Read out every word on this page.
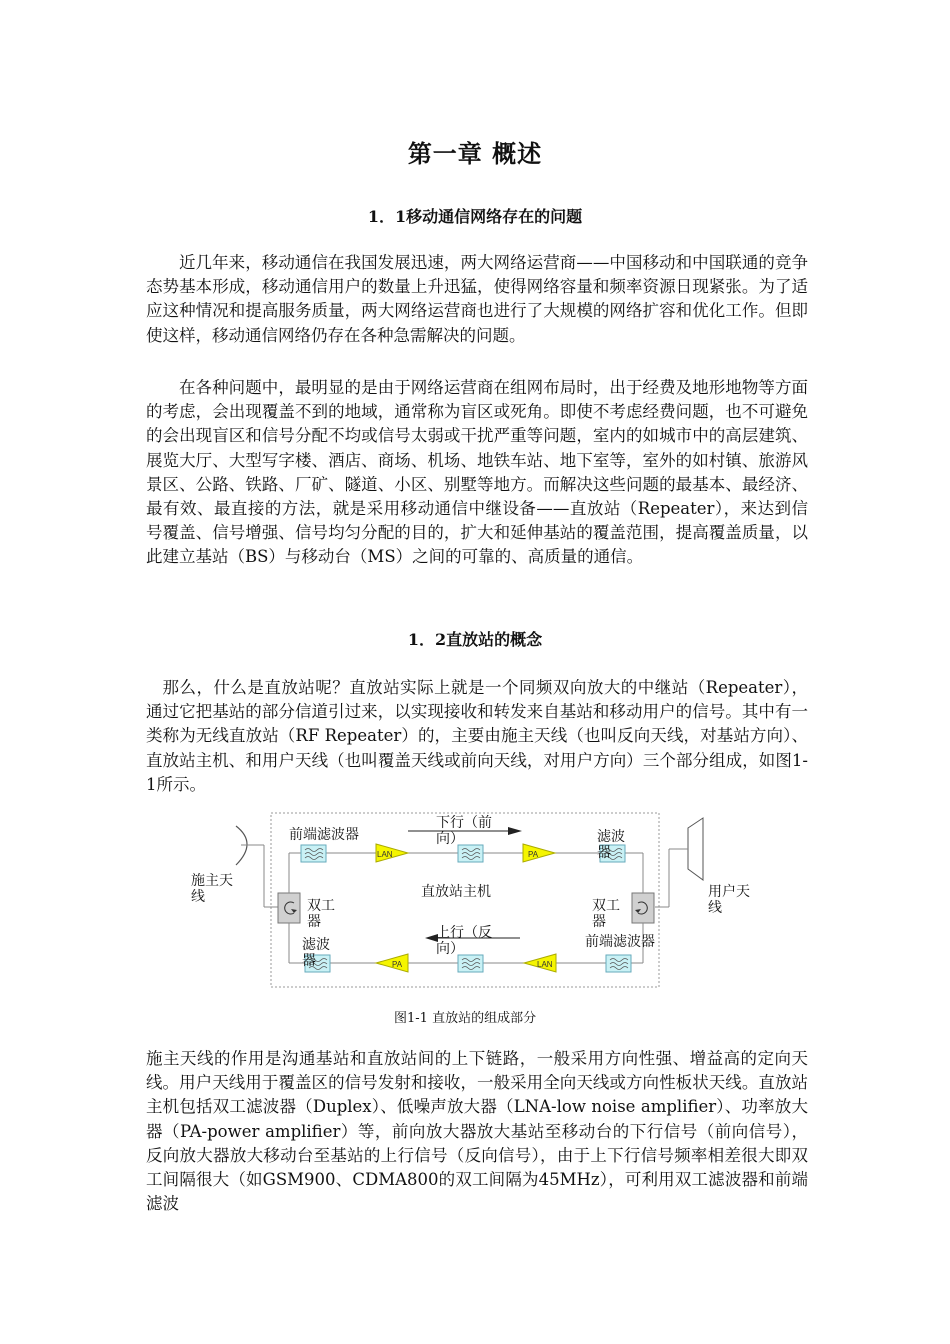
第一章 概述
1．1移动通信网络存在的问题

近几年来，移动通信在我国发展迅速，两大网络运营商——中国移动和中国联通的竞争态势基本形成，移动通信用户的数量上升迅猛，使得网络容量和频率资源日现紧张。为了适应这种情况和提高服务质量，两大网络运营商也进行了大规模的网络扩容和优化工作。但即使这样，移动通信网络仍存在各种急需解决的问题。

在各种问题中，最明显的是由于网络运营商在组网布局时，出于经费及地形地物等方面的考虑，会出现覆盖不到的地域，通常称为盲区或死角。即使不考虑经费问题，也不可避免的会出现盲区和信号分配不均或信号太弱或干扰严重等问题，室内的如城市中的高层建筑、展览大厅、大型写字楼、酒店、商场、机场、地铁车站、地下室等，室外的如村镇、旅游风景区、公路、铁路、厂矿、隧道、小区、别墅等地方。而解决这些问题的最基本、最经济、最有效、最直接的方法，就是采用移动通信中继设备——直放站（Repeater），来达到信号覆盖、信号增强、信号均匀分配的目的，扩大和延伸基站的覆盖范围，提高覆盖质量，以此建立基站（BS）与移动台（MS）之间的可靠的、高质量的通信。

1．2直放站的概念

那么，什么是直放站呢？直放站实际上就是一个同频双向放大的中继站（Repeater），通过它把基站的部分信道引过来，以实现接收和转发来自基站和移动用户的信号。其中有一类称为无线直放站（RF Repeater）的，主要由施主天线（也叫反向天线，对基站方向）、直放站主机、和用户天线（也叫覆盖天线或前向天线，对用户方向）三个部分组成，如图1-1所示。

LAN	PA
PA	LAN
施主天线	用户天线
直放站主机
下行（前向）
上行（反向）
前端滤波器	滤波器
双工器
双工器
滤波器
前端滤波器
图1-1 直放站的组成部分

施主天线的作用是沟通基站和直放站间的上下链路，一般采用方向性强、增益高的定向天线。用户天线用于覆盖区的信号发射和接收，一般采用全向天线或方向性板状天线。直放站主机包括双工滤波器（Duplex）、低噪声放大器（LNA-low noise amplifier）、功率放大器（PA-power amplifier）等，前向放大器放大基站至移动台的下行信号（前向信号），反向放大器放大移动台至基站的上行信号（反向信号），由于上下行信号频率相差很大即双工间隔很大（如GSM900、CDMA800的双工间隔为45MHz），可利用双工滤波器和前端滤波
